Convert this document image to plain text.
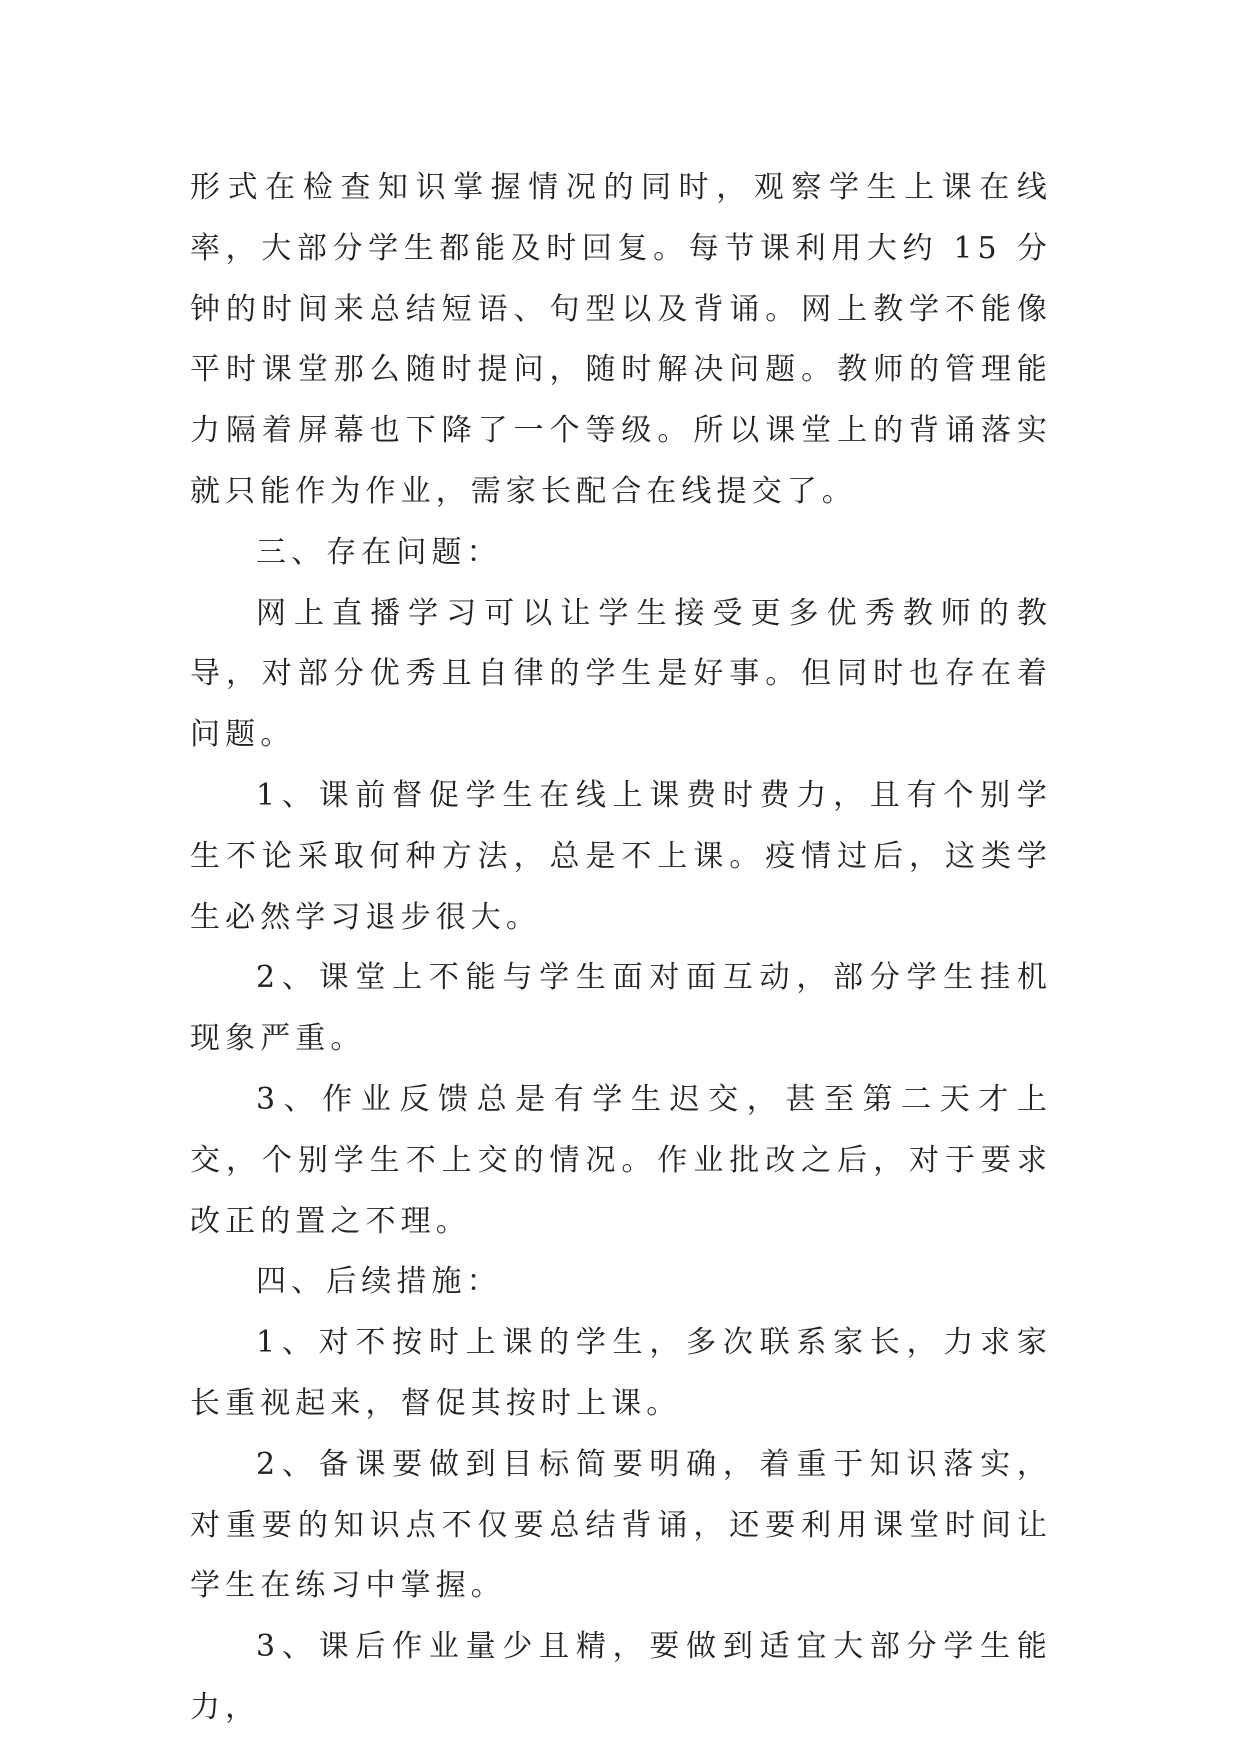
形式在检查知识掌握情况的同时，观察学生上课在线率，大部分学生都能及时回复。每节课利用大约 15 分钟的时间来总结短语、句型以及背诵。网上教学不能像平时课堂那么随时提问，随时解决问题。教师的管理能力隔着屏幕也下降了一个等级。所以课堂上的背诵落实就只能作为作业，需家长配合在线提交了。

三、存在问题：

网上直播学习可以让学生接受更多优秀教师的教导，对部分优秀且自律的学生是好事。但同时也存在着问题。

1、课前督促学生在线上课费时费力，且有个别学生不论采取何种方法，总是不上课。疫情过后，这类学生必然学习退步很大。

2、课堂上不能与学生面对面互动，部分学生挂机现象严重。

3、作业反馈总是有学生迟交，甚至第二天才上交，个别学生不上交的情况。作业批改之后，对于要求改正的置之不理。

四、后续措施：

1、对不按时上课的学生，多次联系家长，力求家长重视起来，督促其按时上课。

2、备课要做到目标简要明确，着重于知识落实，对重要的知识点不仅要总结背诵，还要利用课堂时间让学生在练习中掌握。

3、课后作业量少且精，要做到适宜大部分学生能力，
